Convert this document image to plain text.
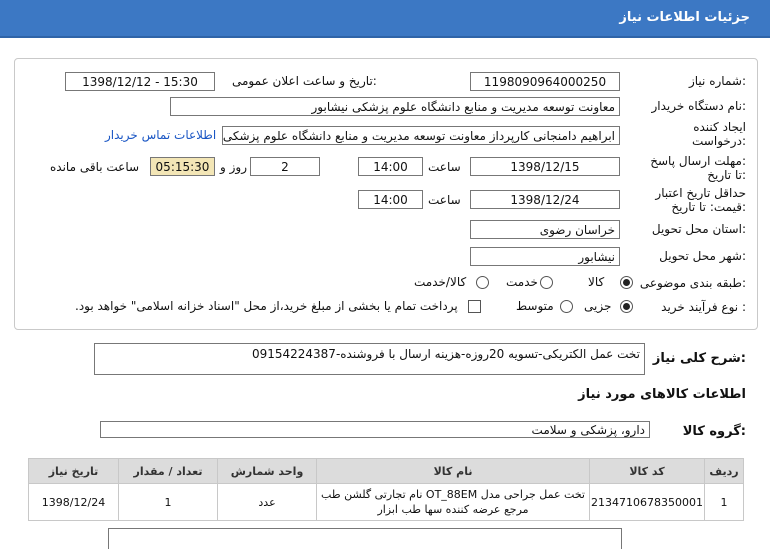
جزئیات اطلاعات نیاز
شماره نیاز:
1198090964000250
تاریخ و ساعت اعلان عمومی:
1398/12/12 - 15:30
نام دستگاه خریدار:
معاونت توسعه مدیریت و منابع دانشگاه علوم پزشکی نیشابور
ایجاد کننده
درخواست:
ابراهیم دامنجانی کارپرداز معاونت توسعه مدیریت و منابع دانشگاه علوم پزشکی
اطلاعات تماس خریدار
مهلت ارسال پاسخ:
تا تاریخ:
1398/12/15
ساعت
14:00
2
روز و
05:15:30
ساعت باقی مانده
حداقل تاریخ اعتبار
قیمت: تا تاریخ:
1398/12/24
ساعت
14:00
استان محل تحویل:
خراسان رضوی
شهر محل تحویل:
نیشابور
طبقه بندی موضوعی:
کالا
خدمت
کالا/خدمت
نوع فرآیند خرید :
جزیی
متوسط
پرداخت تمام یا بخشی از مبلغ خرید،از محل "اسناد خزانه اسلامی" خواهد بود.
شرح کلی نیاز:
تخت عمل الکتریکی-تسویه 20روزه-هزینه ارسال با فروشنده-09154224387
اطلاعات کالاهای مورد نیاز
گروه کالا:
دارو، پزشکی و سلامت
ردیف	کد کالا	نام کالا	واحد شمارش	تعداد / مقدار	تاریخ نیاز
1	2134710678350001	تخت عمل جراحی مدل OT_88EM نام تجارتی گلشن طب
مرجع عرضه کننده سها طب ابزار	عدد	1	1398/12/24
